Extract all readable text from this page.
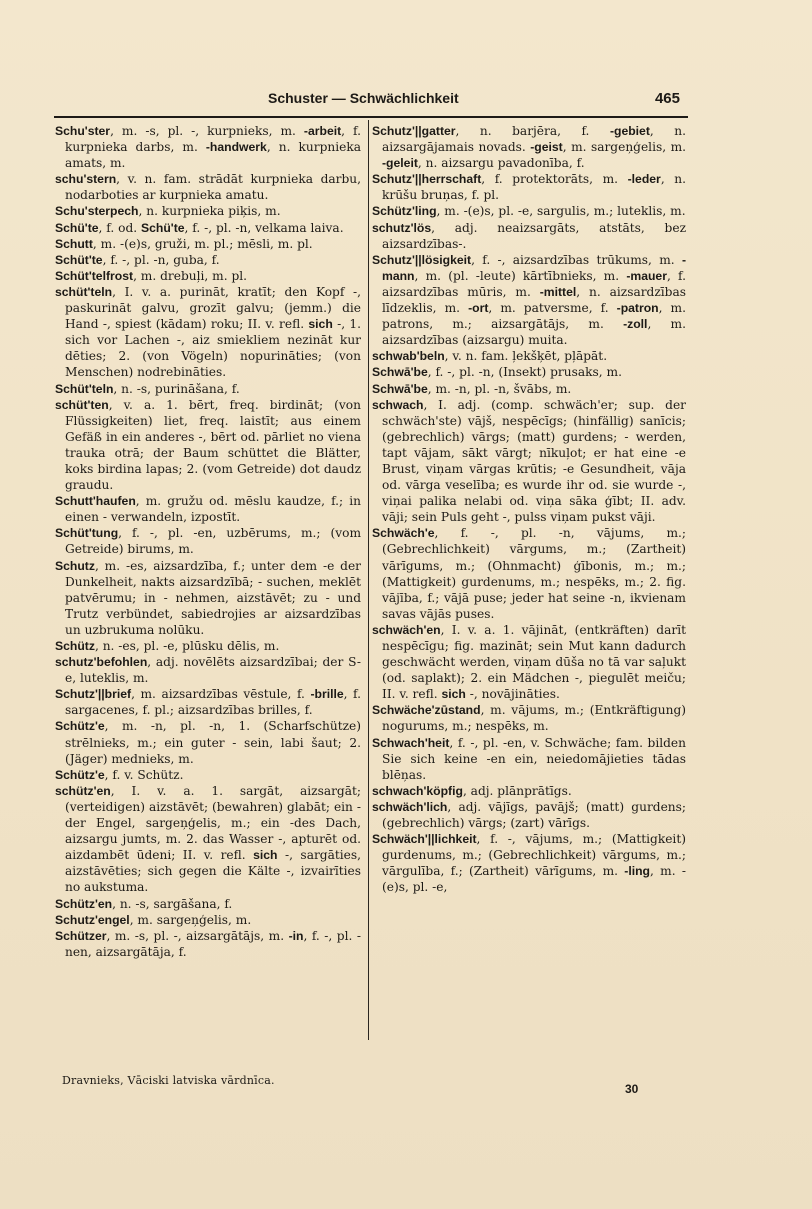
Schuster — Schwächlichkeit	465

Schu'ster, m. -s, pl. -, kurpnieks, m. -arbeit, f. kurpnieka darbs, m. -handwerk, n. kurpnieka amats, m.

schu'stern, v. n. fam. strādāt kurpnieka darbu, nodarboties ar kurpnieka amatu.

Schu'sterpech, n. kurpnieka piķis, m.

Schü'te, f. od. Schü'te, f. -, pl. -n, velkama laiva.

Schutt, m. -(e)s, gruži, m. pl.; mēsli, m. pl.

Schüt'te, f. -, pl. -n, guba, f.

Schüt'telfrost, m. drebuļi, m. pl.

schüt'teln, I. v. a. purināt, kratīt; den Kopf -, paskurināt galvu, grozīt galvu; (jemm.) die Hand -, spiest (kādam) roku; II. v. refl. sich -, 1. sich vor Lachen -, aiz smiekliem nezināt kur dēties; 2. (von Vögeln) nopurināties; (von Menschen) nodrebināties.

Schüt'teln, n. -s, purināšana, f.

schüt'ten, v. a. 1. bērt, freq. birdināt; (von Flüssigkeiten) liet, freq. laistīt; aus einem Gefäß in ein anderes -, bērt od. pārliet no viena trauka otrā; der Baum schüttet die Blätter, koks birdina lapas; 2. (vom Getreide) dot daudz graudu.

Schutt'haufen, m. gružu od. mēslu kaudze, f.; in einen - verwandeln, izpostīt.

Schüt'tung, f. -, pl. -en, uzbērums, m.; (vom Getreide) birums, m.

Schutz, m. -es, aizsardzība, f.; unter dem -e der Dunkelheit, nakts aizsardzībā; - suchen, meklēt patvērumu; in - nehmen, aizstāvēt; zu - und Trutz verbündet, sabiedrojies ar aizsardzības un uzbrukuma nolūku.

Schütz, n. -es, pl. -e, plūsku dēlis, m.

schutz'befohlen, adj. novēlēts aizsardzībai; der S-e, luteklis, m.

Schutz'||brief, m. aizsardzības vēstule, f. -brille, f. sargacenes, f. pl.; aizsardzības brilles, f.

Schütz'e, m. -n, pl. -n, 1. (Scharfschütze) strēlnieks, m.; ein guter - sein, labi šaut; 2. (Jäger) mednieks, m.

Schütz'e, f. v. Schütz.

schütz'en, I. v. a. 1. sargāt, aizsargāt; (verteidigen) aizstāvēt; (bewahren) glabāt; ein -der Engel, sargeņģelis, m.; ein -des Dach, aizsargu jumts, m. 2. das Wasser -, apturēt od. aizdambēt ūdeni; II. v. refl. sich -, sargāties, aizstāvēties; sich gegen die Kälte -, izvairīties no aukstuma.

Schütz'en, n. -s, sargāšana, f.

Schutz'engel, m. sargeņģelis, m.

Schützer, m. -s, pl. -, aizsargātājs, m. -in, f. -, pl. -nen, aizsargātāja, f.

Schutz'||gatter, n. barjēra, f. -gebiet, n. aizsargājamais novads. -geist, m. sargeņģelis, m. -geleit, n. aizsargu pavadonība, f.

Schutz'||herrschaft, f. protektorāts, m. -leder, n. krūšu bruņas, f. pl.

Schütz'ling, m. -(e)s, pl. -e, sargulis, m.; luteklis, m.

schutz'lös, adj. neaizsargāts, atstāts, bez aizsardzības-.

Schutz'||lösigkeit, f. -, aizsardzības trūkums, m. -mann, m. (pl. -leute) kārtībnieks, m. -mauer, f. aizsardzības mūris, m. -mittel, n. aizsardzības līdzeklis, m. -ort, m. patversme, f. -patron, m. patrons, m.; aizsargātājs, m. -zoll, m. aizsardzības (aizsargu) muita.

schwab'beln, v. n. fam. ļekšķēt, pļāpāt.

Schwā'be, f. -, pl. -n, (Insekt) prusaks, m.

Schwā'be, m. -n, pl. -n, švābs, m.

schwach, I. adj. (comp. schwäch'er; sup. der schwäch'ste) vājš, nespēcīgs; (hinfällig) sanīcis; (gebrechlich) vārgs; (matt) gurdens; - werden, tapt vājam, sākt vārgt; nīkuļot; er hat eine -e Brust, viņam vārgas krūtis; -e Gesundheit, vāja od. vārga veselība; es wurde ihr od. sie wurde -, viņai palika nelabi od. viņa sāka ģībt; II. adv. vāji; sein Puls geht -, pulss viņam pukst vāji.

Schwäch'e, f. -, pl. -n, vājums, m.; (Gebrechlichkeit) vārgums, m.; (Zartheit) vārīgums, m.; (Ohnmacht) ģībonis, m.; m.; (Mattigkeit) gurdenums, m.; nespēks, m.; 2. fig. vājība, f.; vājā puse; jeder hat seine -n, ikvienam savas vājās puses.

schwäch'en, I. v. a. 1. vājināt, (entkräften) darīt nespēcīgu; fig. mazināt; sein Mut kann dadurch geschwächt werden, viņam dūša no tā var saļukt (od. saplakt); 2. ein Mädchen -, piegulēt meiču; II. v. refl. sich -, novājināties.

Schwäche'zūstand, m. vājums, m.; (Entkräftigung) nogurums, m.; nespēks, m.

Schwach'heit, f. -, pl. -en, v. Schwäche; fam. bilden Sie sich keine -en ein, neiedomājieties tādas blēņas.

schwach'köpfig, adj. plānprātīgs.

schwäch'lich, adj. vājīgs, pavājš; (matt) gurdens; (gebrechlich) vārgs; (zart) vārīgs.

Schwäch'||lichkeit, f. -, vājums, m.; (Mattigkeit) gurdenums, m.; (Gebrechlichkeit) vārgums, m.; vārgulība, f.; (Zartheit) vārīgums, m. -ling, m. -(e)s, pl. -e,

Dravnieks, Vāciski latviska vārdnīca.
30
